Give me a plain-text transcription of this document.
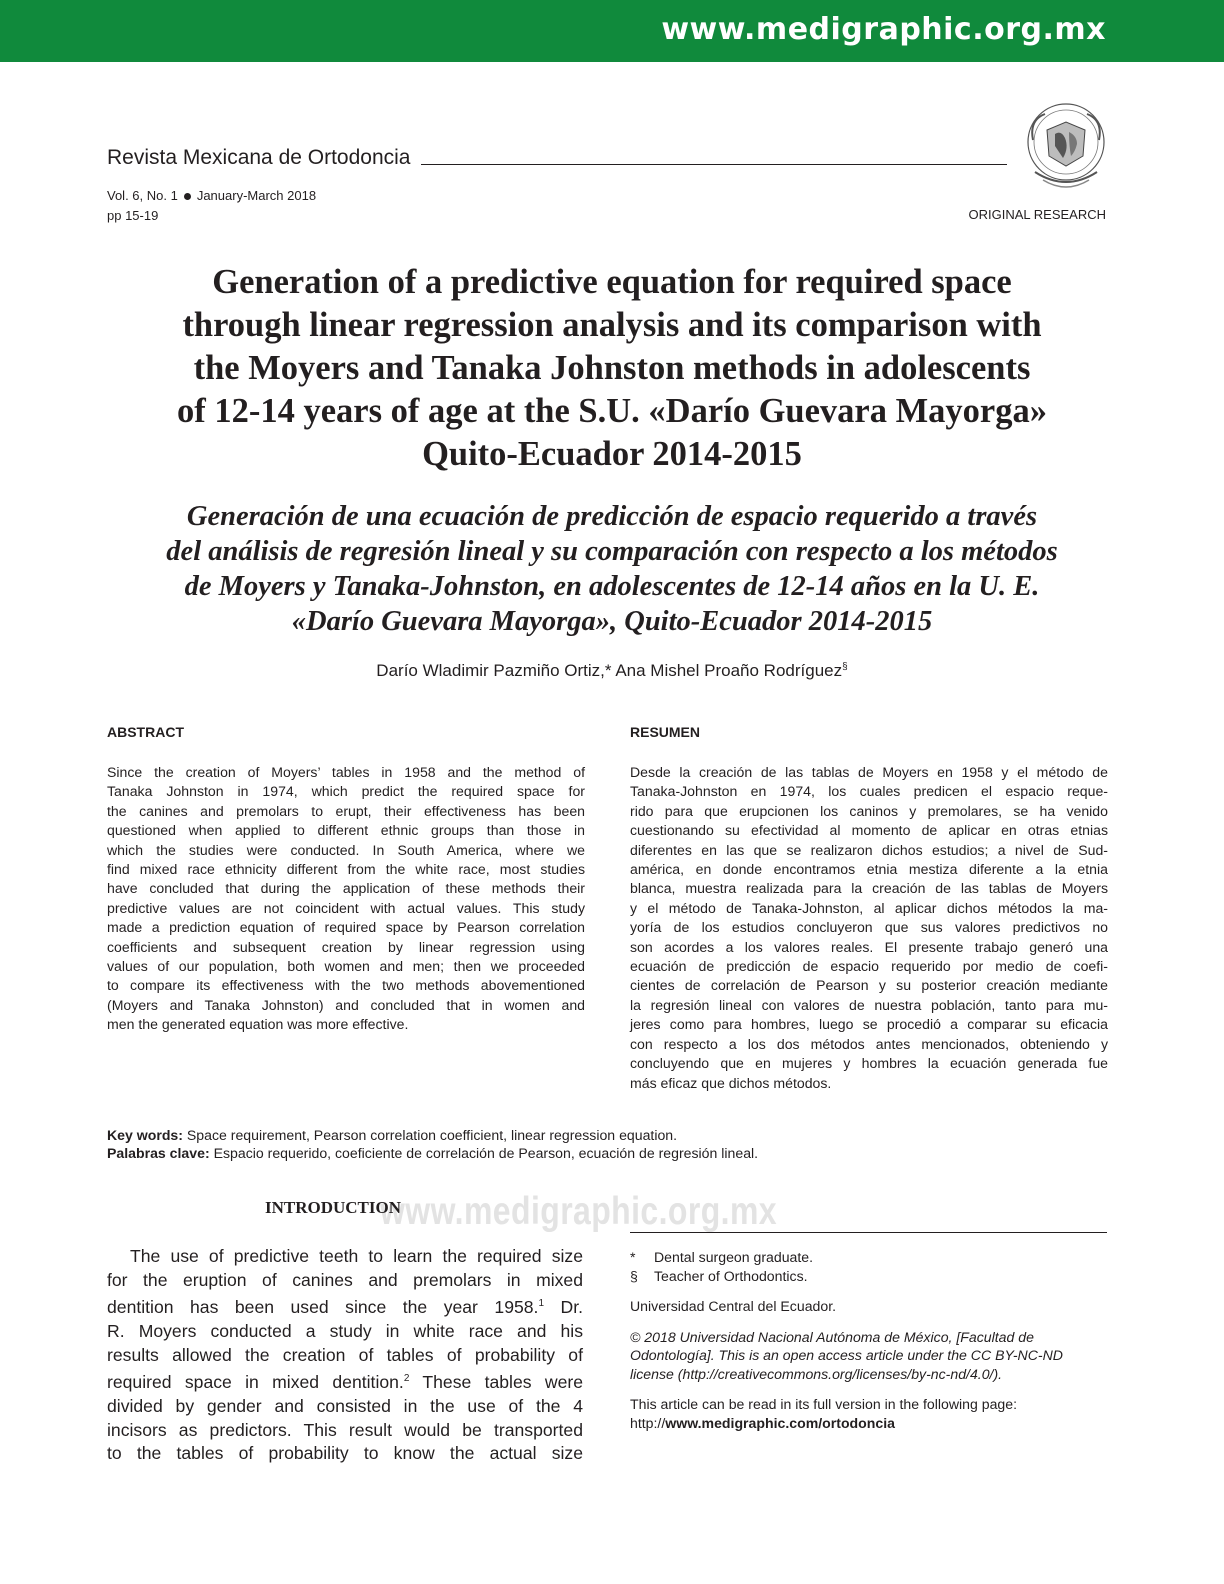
www.medigraphic.org.mx
Revista Mexicana de Ortodoncia
Vol. 6, No. 1 January-March 2018
pp 15-19	ORIGINAL RESEARCH
Generation of a predictive equation for required space
through linear regression analysis and its comparison with
the Moyers and Tanaka Johnston methods in adolescents
of 12-14 years of age at the S.U. «Darío Guevara Mayorga»
Quito-Ecuador 2014-2015
Generación de una ecuación de predicción de espacio requerido a través
del análisis de regresión lineal y su comparación con respecto a los métodos
de Moyers y Tanaka-Johnston, en adolescentes de 12-14 años en la U. E.
«Darío Guevara Mayorga», Quito-Ecuador 2014-2015
Darío Wladimir Pazmiño Ortiz,* Ana Mishel Proaño Rodríguez§
ABSTRACT	RESUMEN
Since the creation of Moyers’ tables in 1958 and the method of
Tanaka Johnston in 1974, which predict the required space for
the canines and premolars to erupt, their effectiveness has been
questioned when applied to different ethnic groups than those in
which the studies were conducted. In South America, where we
find mixed race ethnicity different from the white race, most studies
have concluded that during the application of these methods their
predictive values are not coincident with actual values. This study
made a prediction equation of required space by Pearson correlation
coefficients and subsequent creation by linear regression using
values of our population, both women and men; then we proceeded
to compare its effectiveness with the two methods abovementioned
(Moyers and Tanaka Johnston) and concluded that in women and
men the generated equation was more effective.
Desde la creación de las tablas de Moyers en 1958 y el método de
Tanaka-Johnston en 1974, los cuales predicen el espacio reque-
rido para que erupcionen los caninos y premolares, se ha venido
cuestionando su efectividad al momento de aplicar en otras etnias
diferentes en las que se realizaron dichos estudios; a nivel de Sud-
américa, en donde encontramos etnia mestiza diferente a la etnia
blanca, muestra realizada para la creación de las tablas de Moyers
y el método de Tanaka-Johnston, al aplicar dichos métodos la ma-
yoría de los estudios concluyeron que sus valores predictivos no
son acordes a los valores reales. El presente trabajo generó una
ecuación de predicción de espacio requerido por medio de coefi-
cientes de correlación de Pearson y su posterior creación mediante
la regresión lineal con valores de nuestra población, tanto para mu-
jeres como para hombres, luego se procedió a comparar su eficacia
con respecto a los dos métodos antes mencionados, obteniendo y
concluyendo que en mujeres y hombres la ecuación generada fue
más eficaz que dichos métodos.
Key words: Space requirement, Pearson correlation coefficient, linear regression equation.
Palabras clave: Espacio requerido, coeficiente de correlación de Pearson, ecuación de regresión lineal.
www.medigraphic.org.mx
INTRODUCTION
The use of predictive teeth to learn the required size
for the eruption of canines and premolars in mixed
dentition has been used since the year 1958.$^1$ Dr.
R. Moyers conducted a study in white race and his
results allowed the creation of tables of probability of
required space in mixed dentition.$^2$ These tables were
divided by gender and consisted in the use of the 4
incisors as predictors. This result would be transported
to the tables of probability to know the actual size
*	Dental surgeon graduate.
§	Teacher of Orthodontics.
Universidad Central del Ecuador.
© 2018 Universidad Nacional Autónoma de México, [Facultad de Odontología]. This is an open access article under the CC BY-NC-ND license (http://creativecommons.org/licenses/by-nc-nd/4.0/).
This article can be read in its full version in the following page:
http://www.medigraphic.com/ortodoncia
